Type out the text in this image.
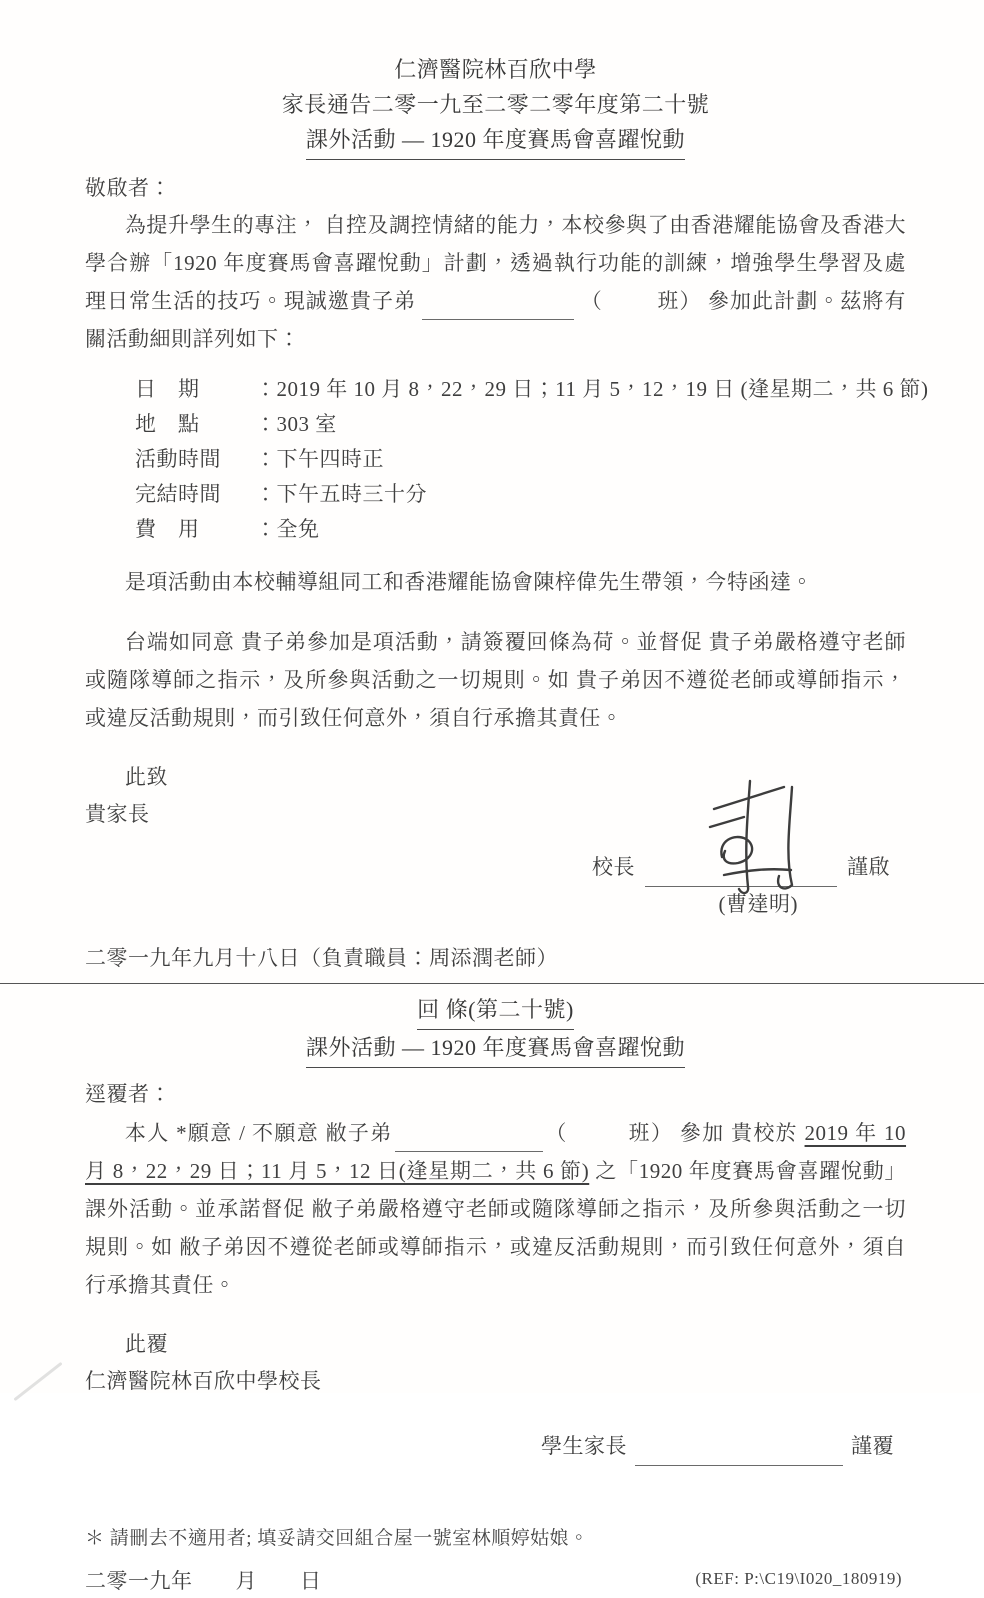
仁濟醫院林百欣中學
家長通告二零一九至二零二零年度第二十號
課外活動 — 1920 年度賽馬會喜躍悅動
敬啟者：

為提升學生的專注， 自控及調控情緒的能力，本校參與了由香港耀能協會及香港大學合辦「1920 年度賽馬會喜躍悅動」計劃，透過執行功能的訓練，增強學生學習及處理日常生活的技巧。現誠邀貴子弟	（	班） 參加此計劃。茲將有關活動細則詳列如下：

日　期	：2019 年 10 月 8，22，29 日；11 月 5，12，19 日 (逢星期二，共 6 節)
地　點	：303 室
活動時間 ：下午四時正
完結時間 ：下午五時三十分
費　用	：全免

是項活動由本校輔導組同工和香港耀能協會陳梓偉先生帶領，今特函達。

台端如同意 貴子弟參加是項活動，請簽覆回條為荷。並督促 貴子弟嚴格遵守老師或隨隊導師之指示，及所參與活動之一切規則。如 貴子弟因不遵從老師或導師指示，或違反活動規則，而引致任何意外，須自行承擔其責任。

此致
貴家長
校長	謹啟
(曹達明)
二零一九年九月十八日（負責職員：周添潤老師）
回 條(第二十號)
課外活動 — 1920 年度賽馬會喜躍悅動
逕覆者：

本人 *願意 / 不願意 敝子弟	（	班） 參加 貴校於 2019 年 10 月 8，22，29 日；11 月 5，12 日(逢星期二，共 6 節) 之「1920 年度賽馬會喜躍悅動」課外活動。並承諾督促 敝子弟嚴格遵守老師或隨隊導師之指示，及所參與活動之一切規則。如 敝子弟因不遵從老師或導師指示，或違反活動規則，而引致任何意外，須自行承擔其責任。

此覆
仁濟醫院林百欣中學校長
學生家長	謹覆
＊ 請刪去不適用者; 填妥請交回組合屋一號室林順婷姑娘。
二零一九年　　月　　日	(REF: P:\C19\I020_180919)
